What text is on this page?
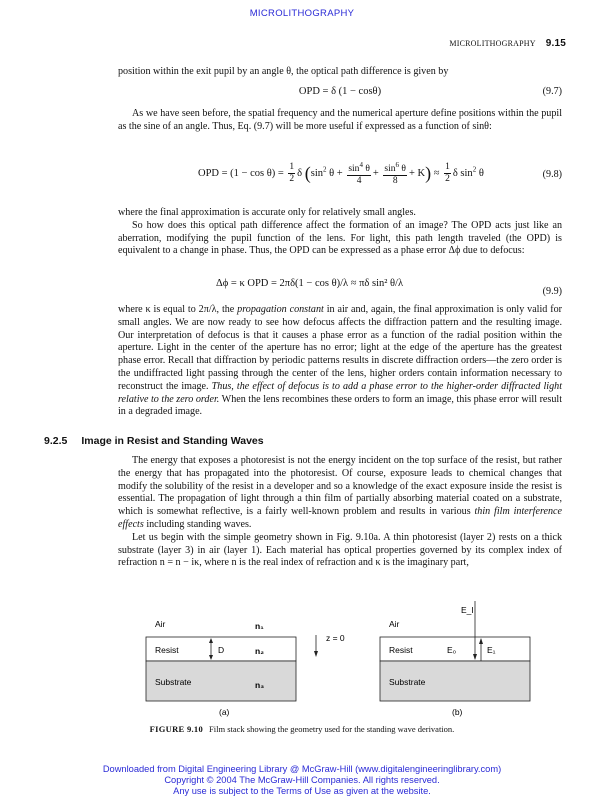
MICROLITHOGRAPHY
MICROLITHOGRAPHY 9.15

position within the exit pupil by an angle θ, the optical path difference is given by

OPD = δ (1 − cosθ)	(9.7)

As we have seen before, the spatial frequency and the numerical aperture define positions within the pupil as the sine of an angle. Thus, Eq. (9.7) will be more useful if expressed as a function of sinθ:

OPD = $(1 - \cos \theta) = \frac{1}{2}$ δ ($\sin^2$ $\theta + \frac{\sin^4 \theta}{4} + \frac{\sin^6 \theta}{8} + K) \approx \frac{1}{2}$ δ $\sin^2 \theta$	(9.8)

where the final approximation is accurate only for relatively small angles.

So how does this optical path difference affect the formation of an image? The OPD acts just like an aberration, modifying the pupil function of the lens. For light, this path length traveled (the OPD) is equivalent to a change in phase. Thus, the OPD can be expressed as a phase error Δϕ due to defocus:

Δϕ = κ OPD = 2πδ(1 − cos θ)/λ ≈ πδ sin² θ/λ
(9.9)

where κ is equal to 2π/λ, the propagation constant in air and, again, the final approximation is only valid for small angles. We are now ready to see how defocus affects the diffraction pattern and the resulting image. Our interpretation of defocus is that it causes a phase error as a function of the radial position within the aperture. Light in the center of the aperture has no error; light at the edge of the aperture has the greatest phase error. Recall that diffraction by periodic patterns results in discrete diffraction orders—the zero order is the undiffracted light passing through the center of the lens, higher orders contain information necessary to reconstruct the image. Thus, the effect of defocus is to add a phase error to the higher-order diffracted light relative to the zero order. When the lens recombines these orders to form an image, this phase error will result in a degraded image.

9.2.5 Image in Resist and Standing Waves

The energy that exposes a photoresist is not the energy incident on the top surface of the resist, but rather the energy that has propagated into the photoresist. Of course, exposure leads to chemical changes that modify the solubility of the resist in a developer and so a knowledge of the exact exposure inside the resist is essential. The propagation of light through a thin film of partially absorbing material coated on a substrate, which is somewhat reflective, is a fairly well-known problem and results in various thin film interference effects including standing waves.

Let us begin with the simple geometry shown in Fig. 9.10a. A thin photoresist (layer 2) rests on a thick substrate (layer 3) in air (layer 1). Each material has optical properties governed by its complex index of refraction n = n − iκ, where n is the real index of refraction and κ is the imaginary part,

Air	n₁
Resist	D	n₂
Substrate	n₃
(a)
z = 0
Air
Resist
Substrate
E_I
E₀	E₁
(b)
FIGURE 9.10 Film stack showing the geometry used for the standing wave derivation.
Downloaded from Digital Engineering Library @ McGraw-Hill (www.digitalengineeringlibrary.com)
Copyright © 2004 The McGraw-Hill Companies. All rights reserved.
Any use is subject to the Terms of Use as given at the website.
